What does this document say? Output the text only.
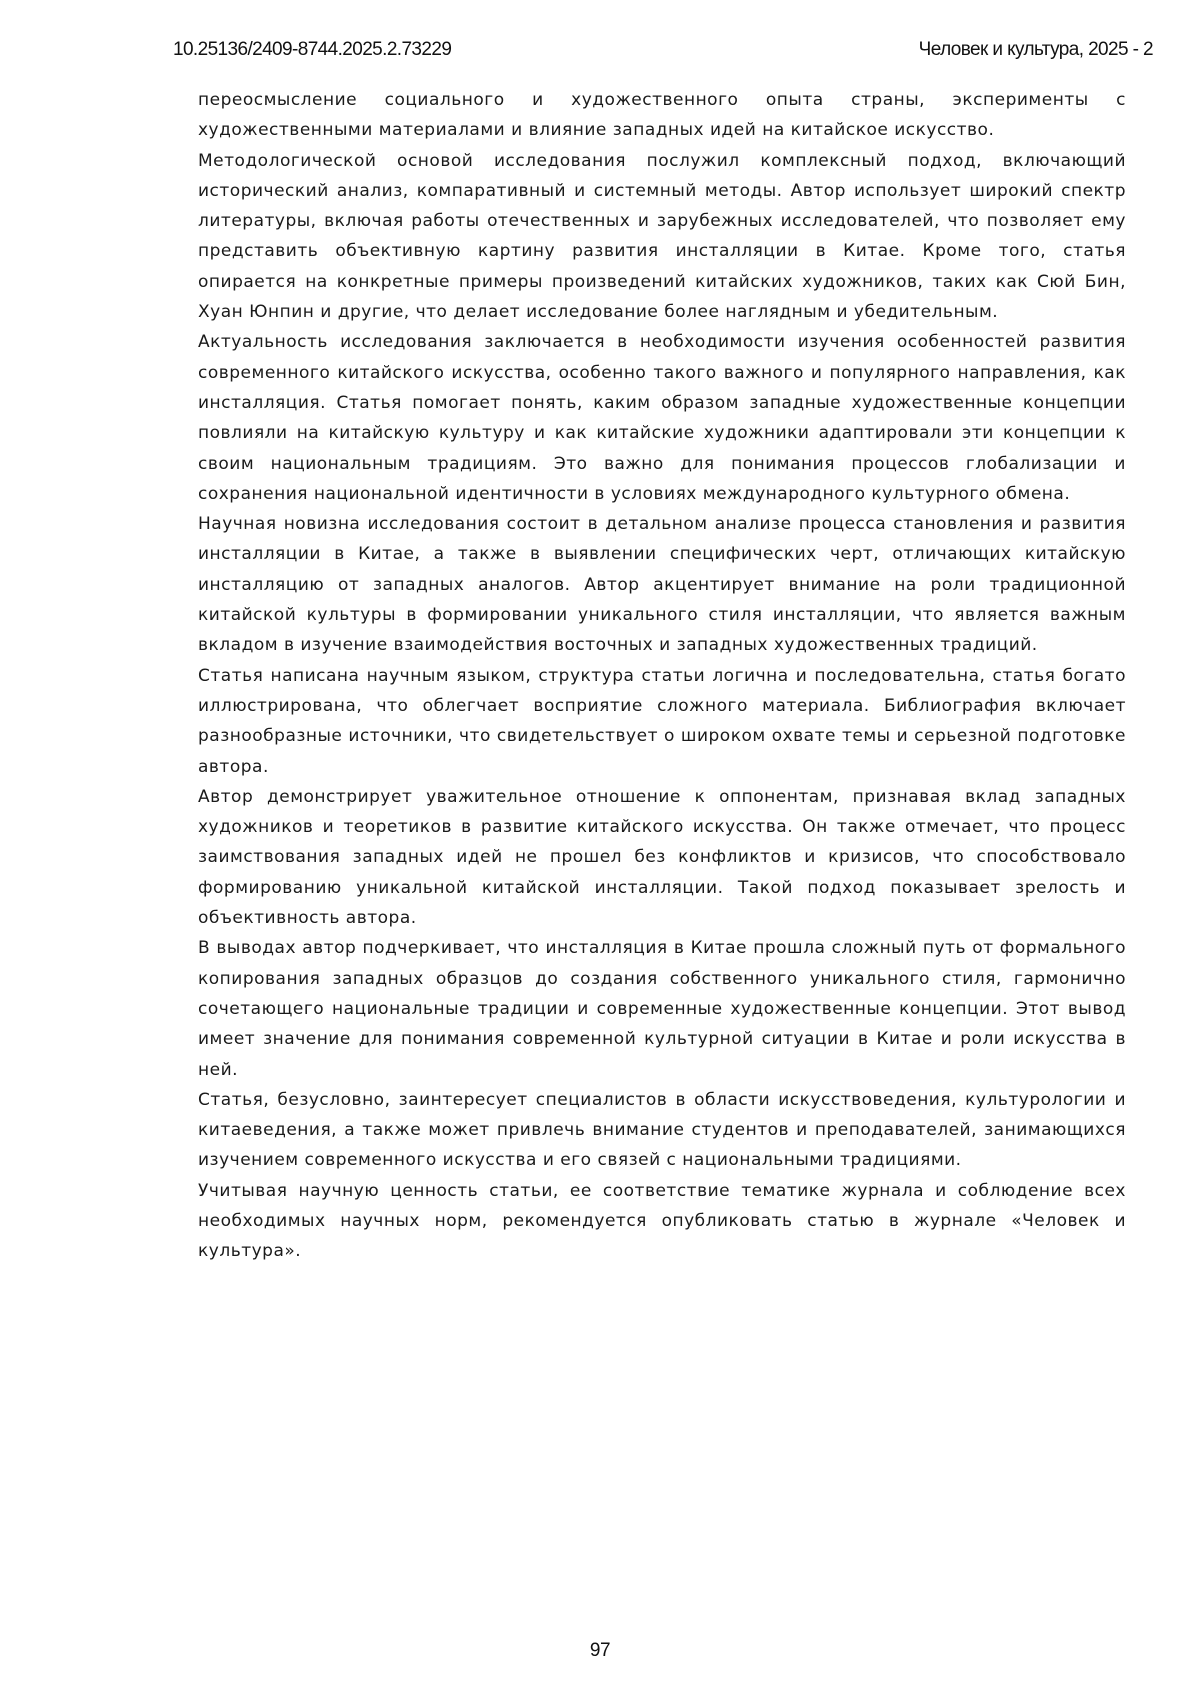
10.25136/2409-8744.2025.2.73229	Человек и культура, 2025 - 2

переосмысление социального и художественного опыта страны, эксперименты с художественными материалами и влияние западных идей на китайское искусство.

Методологической основой исследования послужил комплексный подход, включающий исторический анализ, компаративный и системный методы. Автор использует широкий спектр литературы, включая работы отечественных и зарубежных исследователей, что позволяет ему представить объективную картину развития инсталляции в Китае. Кроме того, статья опирается на конкретные примеры произведений китайских художников, таких как Сюй Бин, Хуан Юнпин и другие, что делает исследование более наглядным и убедительным.

Актуальность исследования заключается в необходимости изучения особенностей развития современного китайского искусства, особенно такого важного и популярного направления, как инсталляция. Статья помогает понять, каким образом западные художественные концепции повлияли на китайскую культуру и как китайские художники адаптировали эти концепции к своим национальным традициям. Это важно для понимания процессов глобализации и сохранения национальной идентичности в условиях международного культурного обмена.

Научная новизна исследования состоит в детальном анализе процесса становления и развития инсталляции в Китае, а также в выявлении специфических черт, отличающих китайскую инсталляцию от западных аналогов. Автор акцентирует внимание на роли традиционной китайской культуры в формировании уникального стиля инсталляции, что является важным вкладом в изучение взаимодействия восточных и западных художественных традиций.

Статья написана научным языком, структура статьи логична и последовательна, статья богато иллюстрирована, что облегчает восприятие сложного материала. Библиография включает разнообразные источники, что свидетельствует о широком охвате темы и серьезной подготовке автора.

Автор демонстрирует уважительное отношение к оппонентам, признавая вклад западных художников и теоретиков в развитие китайского искусства. Он также отмечает, что процесс заимствования западных идей не прошел без конфликтов и кризисов, что способствовало формированию уникальной китайской инсталляции. Такой подход показывает зрелость и объективность автора.

В выводах автор подчеркивает, что инсталляция в Китае прошла сложный путь от формального копирования западных образцов до создания собственного уникального стиля, гармонично сочетающего национальные традиции и современные художественные концепции. Этот вывод имеет значение для понимания современной культурной ситуации в Китае и роли искусства в ней.

Статья, безусловно, заинтересует специалистов в области искусствоведения, культурологии и китаеведения, а также может привлечь внимание студентов и преподавателей, занимающихся изучением современного искусства и его связей с национальными традициями.

Учитывая научную ценность статьи, ее соответствие тематике журнала и соблюдение всех необходимых научных норм, рекомендуется опубликовать статью в журнале «Человек и культура».

97
